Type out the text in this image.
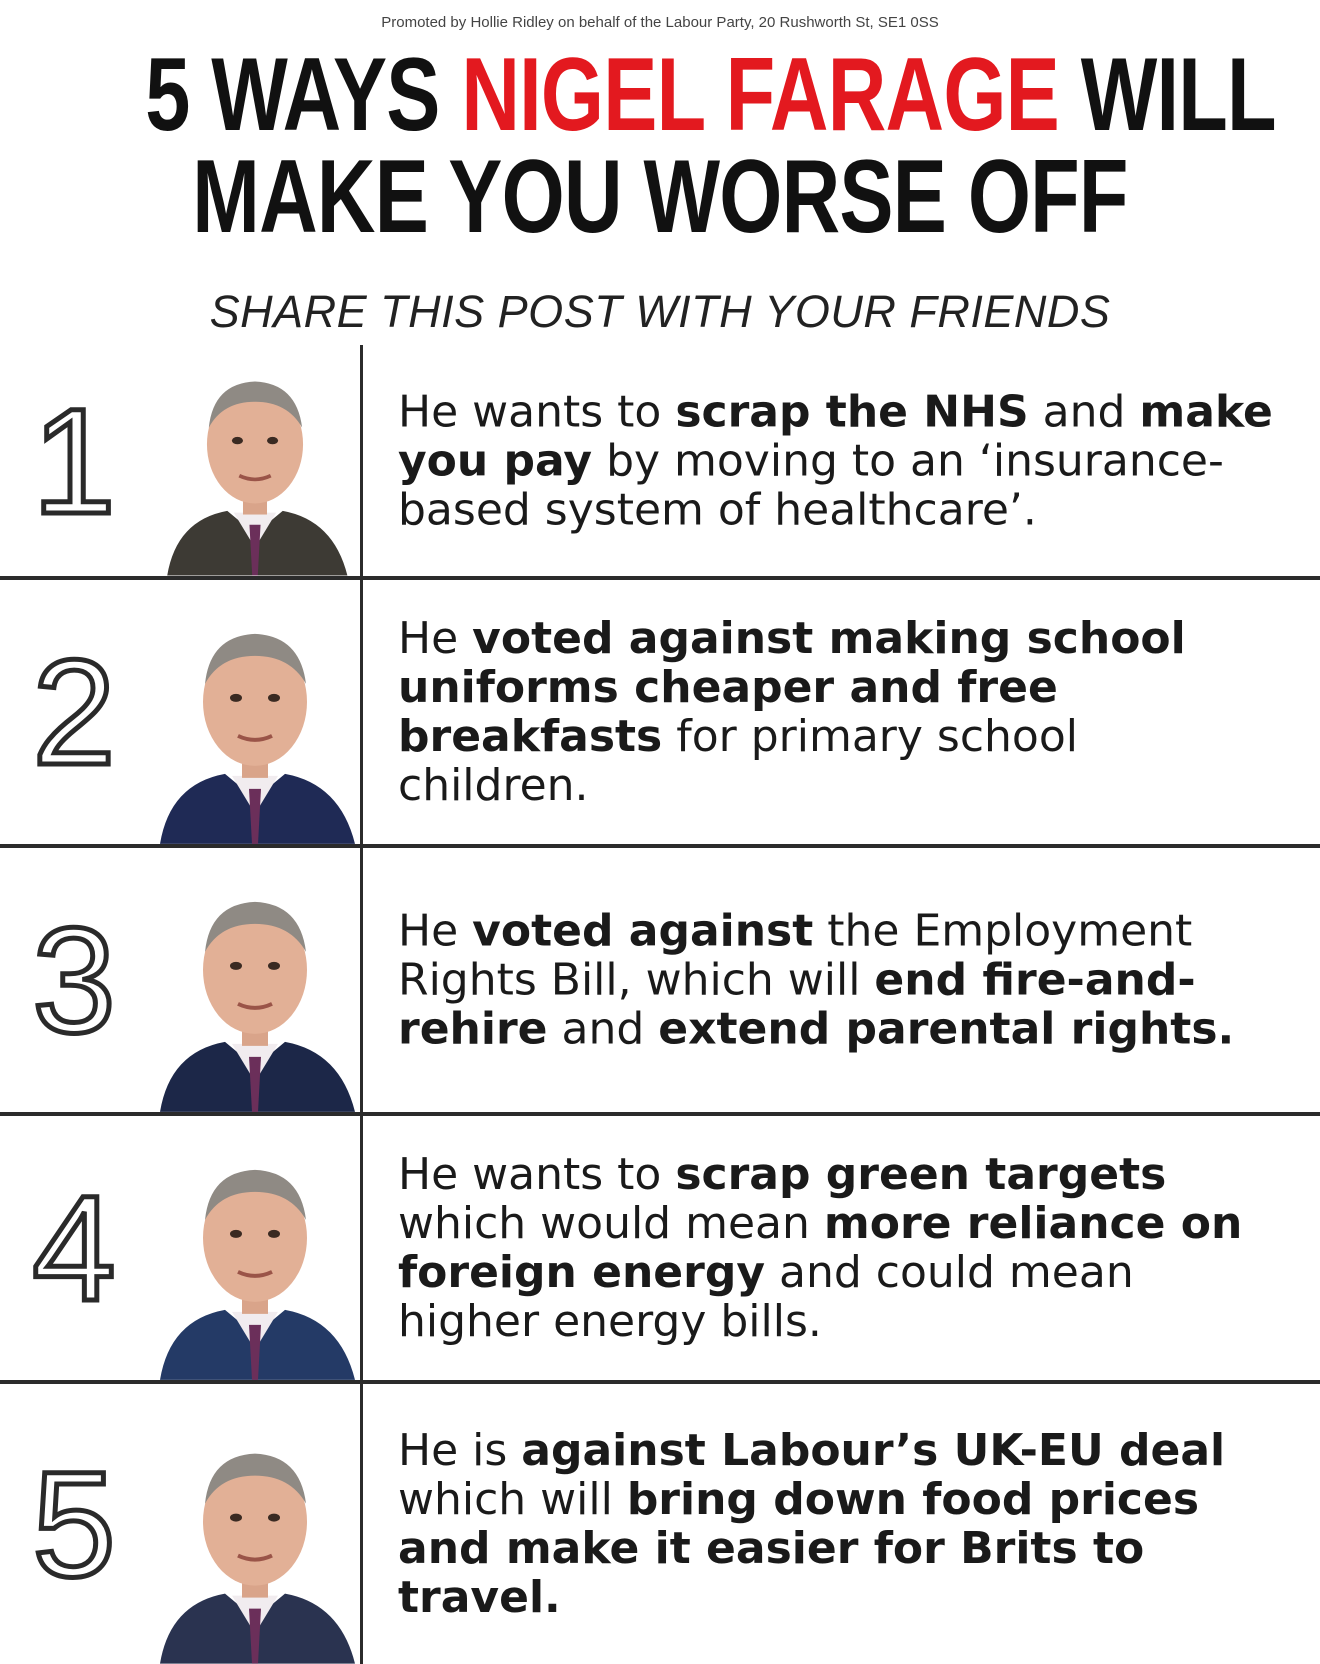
Promoted by Hollie Ridley on behalf of the Labour Party, 20 Rushworth St, SE1 0SS
5 WAYS NIGEL FARAGE WILL
MAKE YOU WORSE OFF
SHARE THIS POST WITH YOUR FRIENDS
1	He wants to scrap the NHS and make you pay by moving to an ‘insurance-based system of healthcare’.
2	He voted against making school uniforms cheaper and free breakfasts for primary school children.
3	He voted against the Employment Rights Bill, which will end fire-and-rehire and extend parental rights.
4	He wants to scrap green targets which would mean more reliance on foreign energy and could mean higher energy bills.
5	He is against Labour’s UK-EU deal which will bring down food prices and make it easier for Brits to travel.
